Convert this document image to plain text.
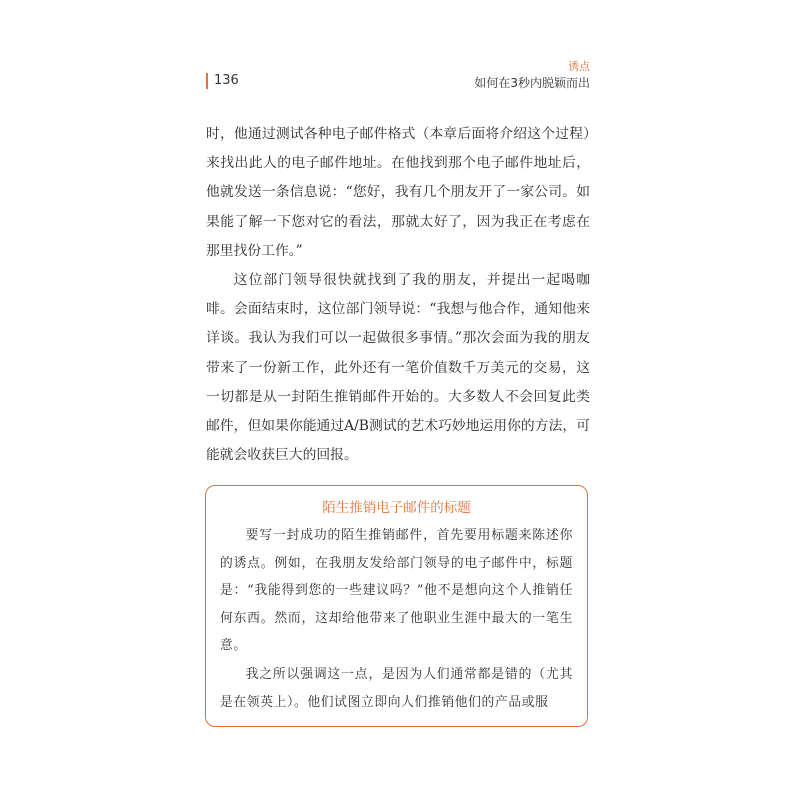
诱点
136	如何在3秒内脱颖而出

时，他通过测试各种电子邮件格式（本章后面将介绍这个过程）来找出此人的电子邮件地址。在他找到那个电子邮件地址后，他就发送一条信息说：“您好，我有几个朋友开了一家公司。如果能了解一下您对它的看法，那就太好了，因为我正在考虑在那里找份工作。”

这位部门领导很快就找到了我的朋友，并提出一起喝咖啡。会面结束时，这位部门领导说：“我想与他合作，通知他来详谈。我认为我们可以一起做很多事情。”那次会面为我的朋友带来了一份新工作，此外还有一笔价值数千万美元的交易，这一切都是从一封陌生推销邮件开始的。大多数人不会回复此类邮件，但如果你能通过A/B测试的艺术巧妙地运用你的方法，可能就会收获巨大的回报。

陌生推销电子邮件的标题

要写一封成功的陌生推销邮件，首先要用标题来陈述你的诱点。例如，在我朋友发给部门领导的电子邮件中，标题是：“我能得到您的一些建议吗？”他不是想向这个人推销任何东西。然而，这却给他带来了他职业生涯中最大的一笔生意。

我之所以强调这一点，是因为人们通常都是错的（尤其是在领英上）。他们试图立即向人们推销他们的产品或服
